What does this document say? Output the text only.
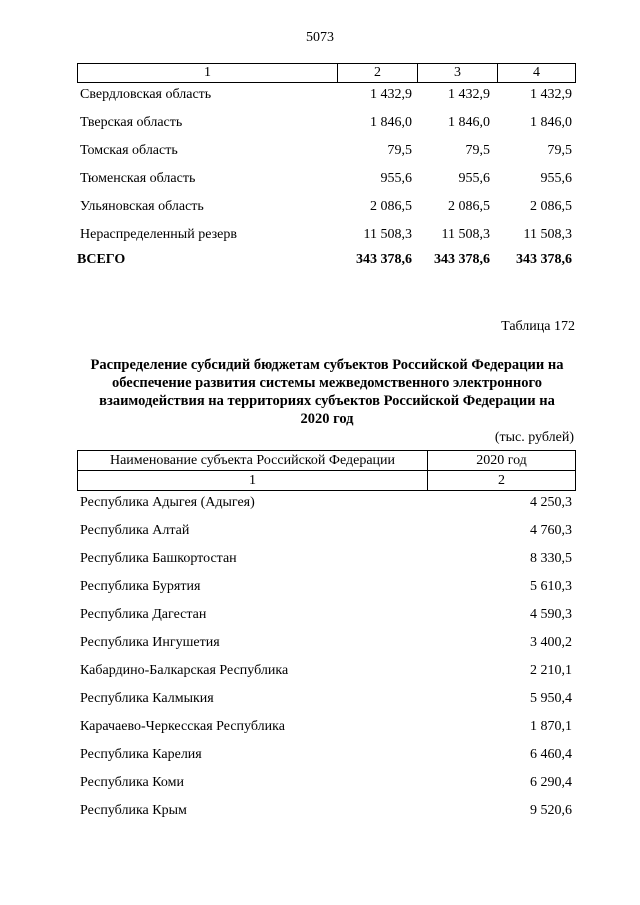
5073
1	2	3	4
Свердловская область	1 432,9	1 432,9	1 432,9
Тверская область	1 846,0	1 846,0	1 846,0
Томская область	79,5	79,5	79,5
Тюменская область	955,6	955,6	955,6
Ульяновская область	2 086,5	2 086,5	2 086,5
Нераспределенный резерв	11 508,3	11 508,3	11 508,3
ВСЕГО	343 378,6	343 378,6	343 378,6
Таблица 172
Распределение субсидий бюджетам субъектов Российской Федерации на
обеспечение развития системы межведомственного электронного
взаимодействия на территориях субъектов Российской Федерации на
2020 год
(тыс. рублей)
Наименование субъекта Российской Федерации	2020 год
1	2
Республика Адыгея (Адыгея)	4 250,3
Республика Алтай	4 760,3
Республика Башкортостан	8 330,5
Республика Бурятия	5 610,3
Республика Дагестан	4 590,3
Республика Ингушетия	3 400,2
Кабардино-Балкарская Республика	2 210,1
Республика Калмыкия	5 950,4
Карачаево-Черкесская Республика	1 870,1
Республика Карелия	6 460,4
Республика Коми	6 290,4
Республика Крым	9 520,6
